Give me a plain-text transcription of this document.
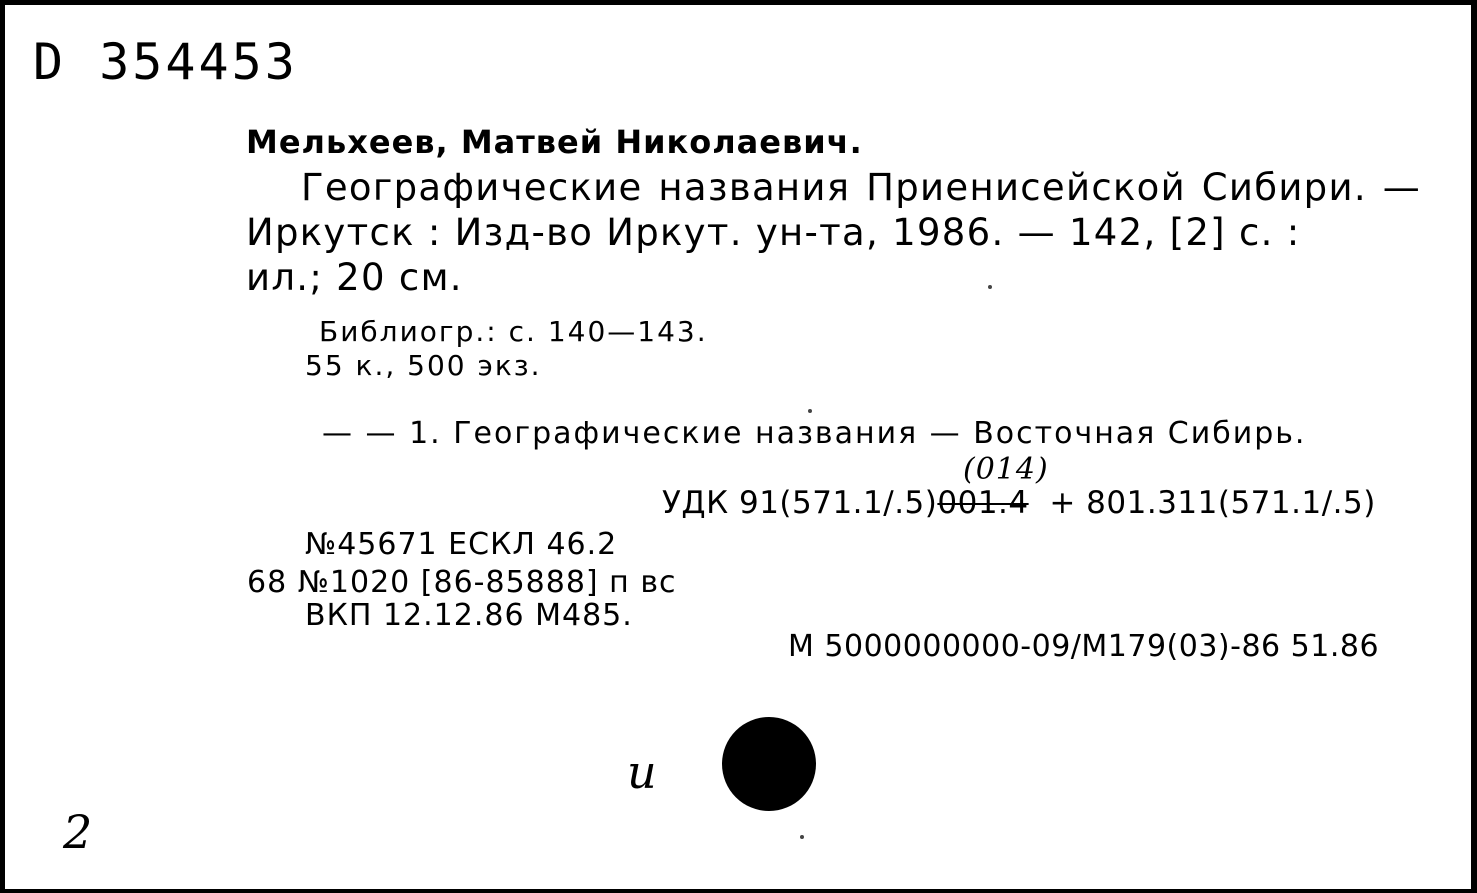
D 354453
Мельхеев, Матвей Николаевич.
Географические названия Приенисейской Сибири. — Иркутск : Изд-во Иркут. ун-та, 1986. — 142, [2] с. :
ил.; 20 см.
Библиогр.: с. 140—143.
55 к., 500 экз.
— — 1. Географические названия — Восточная Сибирь.
(014)
УДК 91(571.1/.5)001.4 + 801.311(571.1/.5)
№45671 ЕСКЛ 46.2
68 №1020 [86-85888] п вс
ВКП 12.12.86 М485.
М 5000000000-09/М179(03)-86 51.86
и
2
